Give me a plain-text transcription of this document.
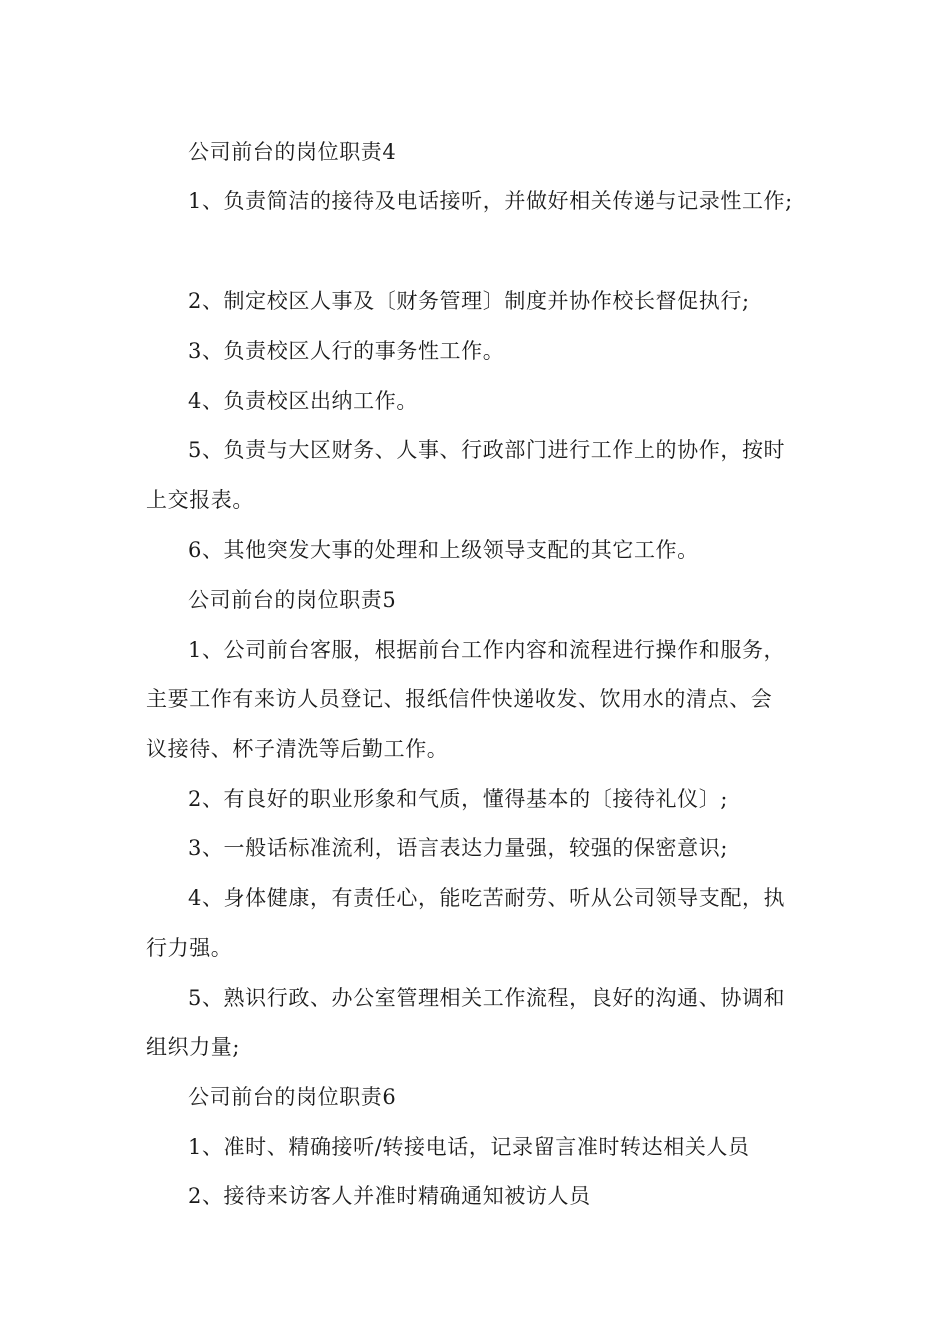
公司前台的岗位职责4
1、负责简洁的接待及电话接听，并做好相关传递与记录性工作;
2、制定校区人事及〔财务管理〕制度并协作校长督促执行;
3、负责校区人行的事务性工作。
4、负责校区出纳工作。
5、负责与大区财务、人事、行政部门进行工作上的协作，按时
上交报表。
6、其他突发大事的处理和上级领导支配的其它工作。
公司前台的岗位职责5
1、公司前台客服，根据前台工作内容和流程进行操作和服务，
主要工作有来访人员登记、报纸信件快递收发、饮用水的清点、会
议接待、杯子清洗等后勤工作。
2、有良好的职业形象和气质，懂得基本的〔接待礼仪〕;
3、一般话标准流利，语言表达力量强，较强的保密意识;
4、身体健康，有责任心，能吃苦耐劳、听从公司领导支配，执
行力强。
5、熟识行政、办公室管理相关工作流程，良好的沟通、协调和
组织力量;
公司前台的岗位职责6
1、准时、精确接听/转接电话，记录留言准时转达相关人员
2、接待来访客人并准时精确通知被访人员
